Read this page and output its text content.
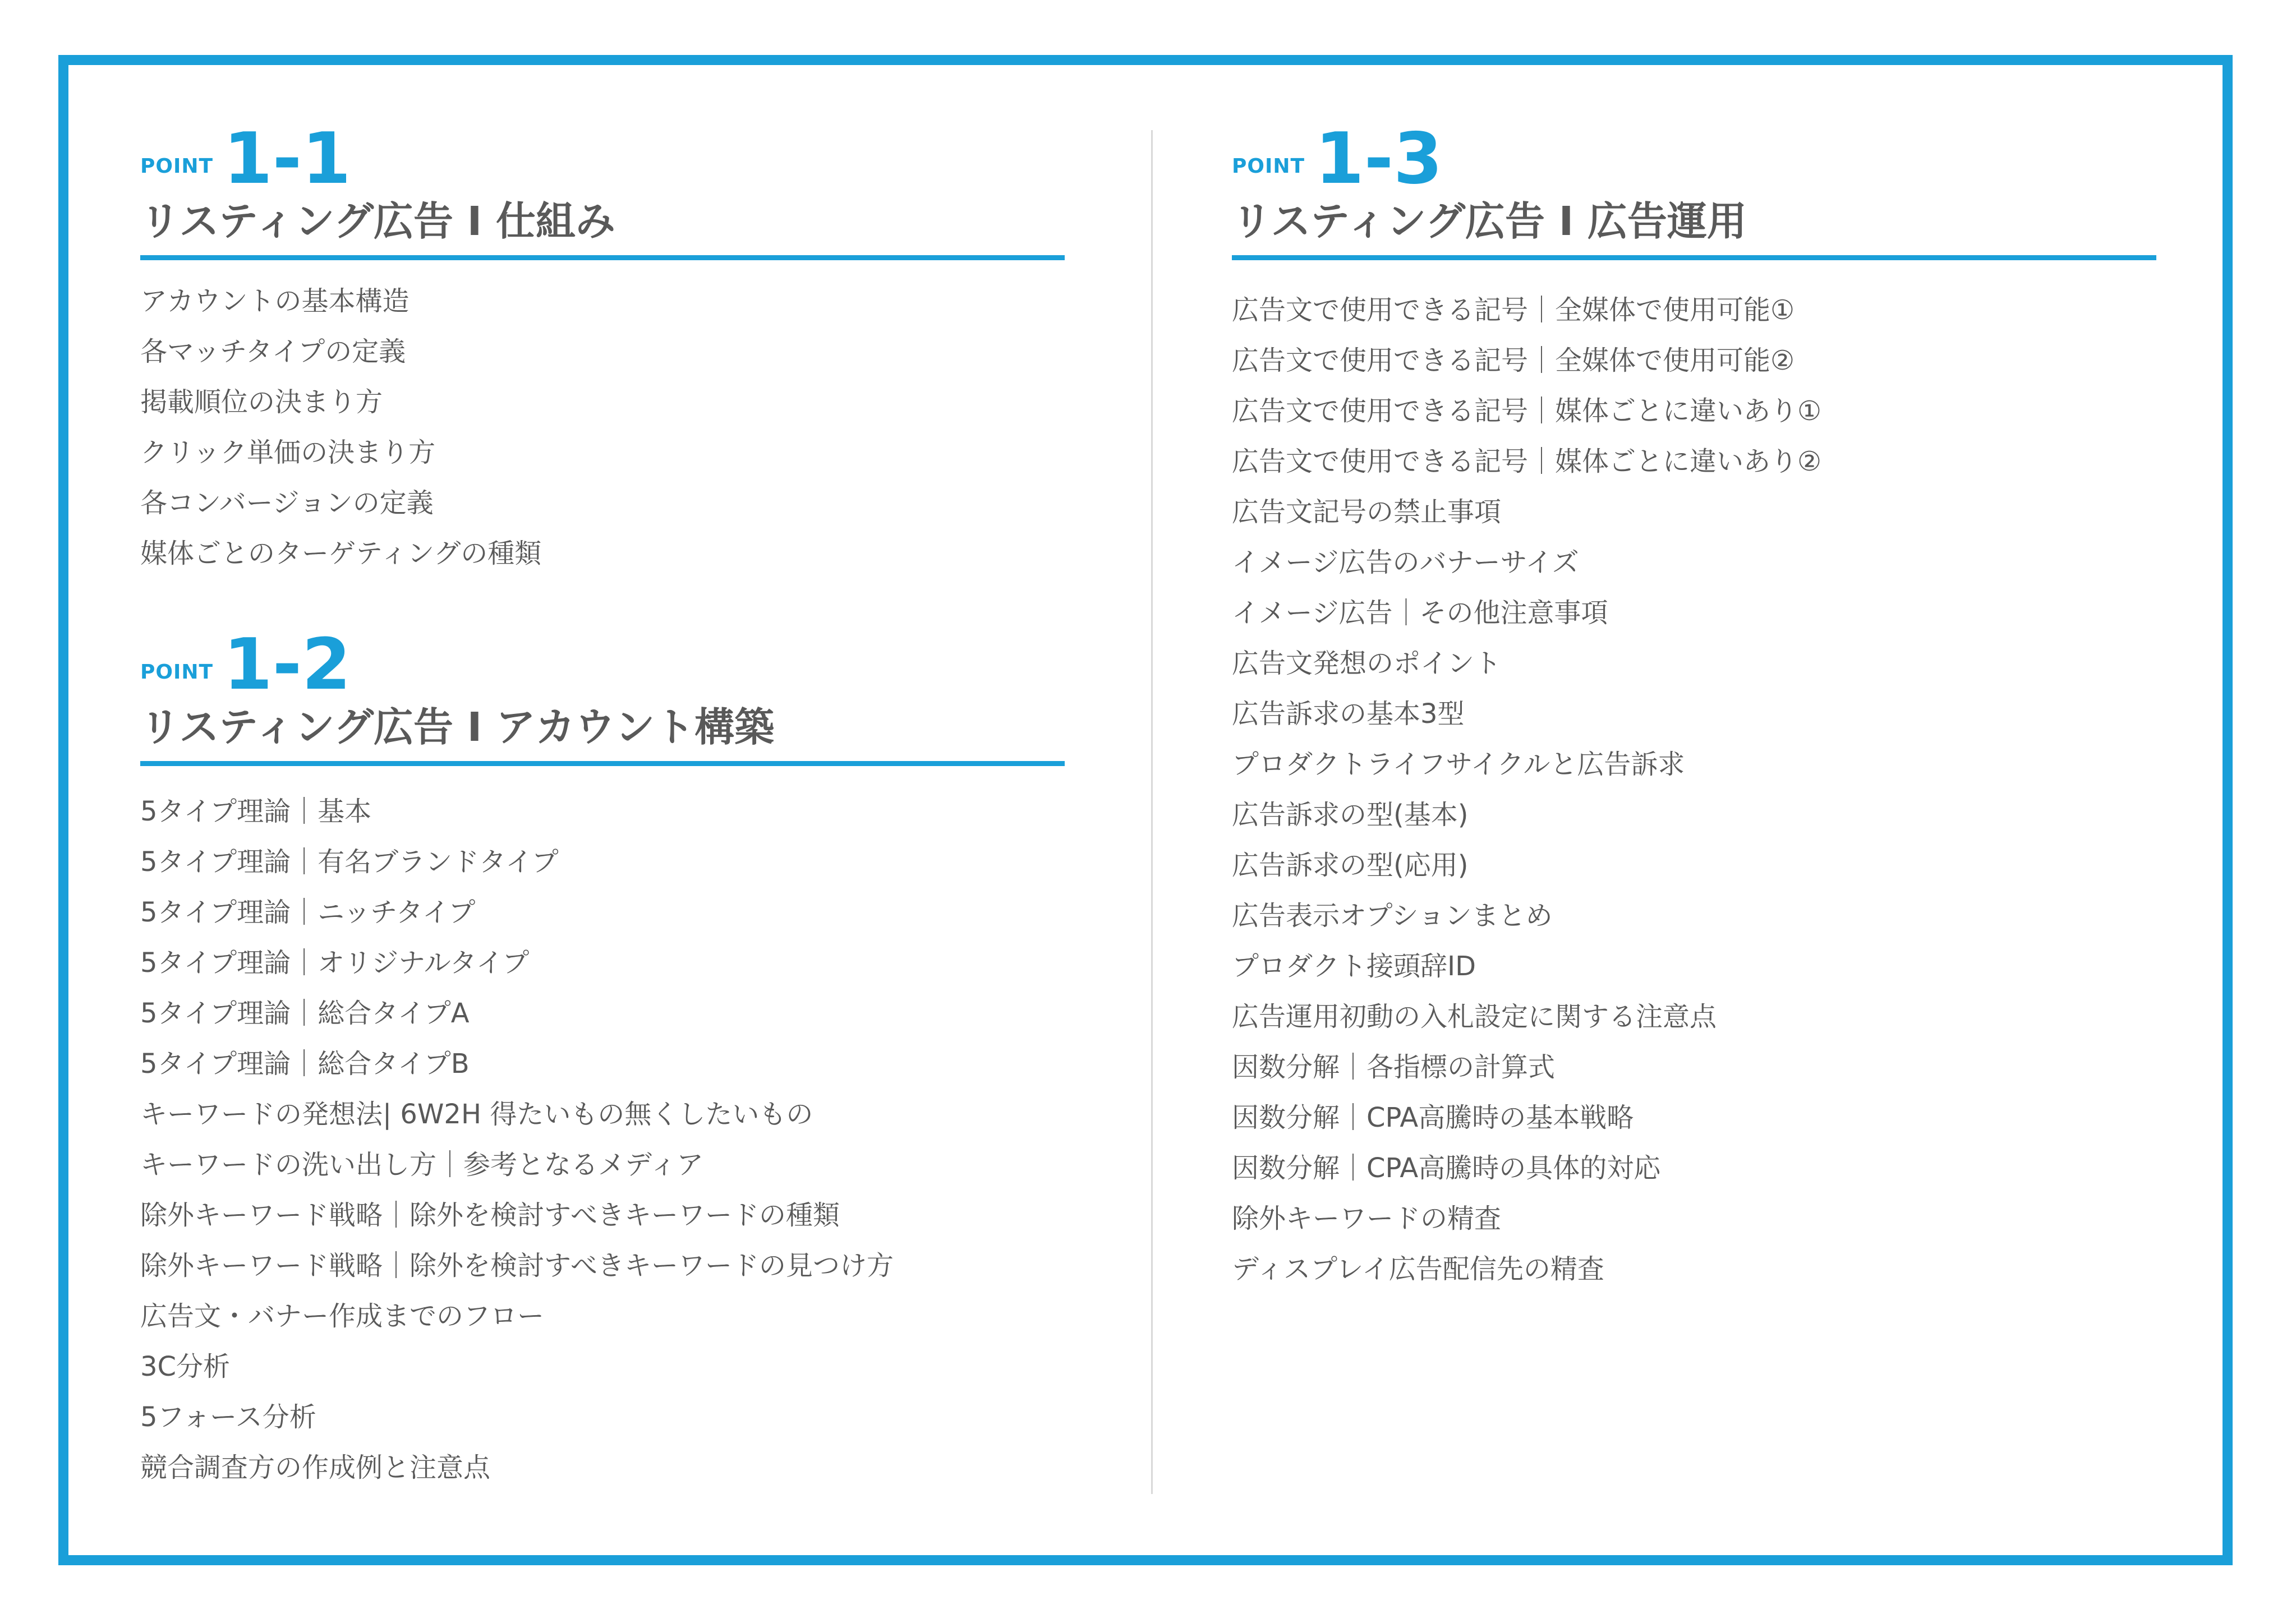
POINT 1-1
リスティング広告 I 仕組み
アカウントの基本構造
各マッチタイプの定義
掲載順位の決まり方
クリック単価の決まり方
各コンバージョンの定義
媒体ごとのターゲティングの種類
POINT 1-2
リスティング広告 I アカウント構築
5タイプ理論｜基本
5タイプ理論｜有名ブランドタイプ
5タイプ理論｜ニッチタイプ
5タイプ理論｜オリジナルタイプ
5タイプ理論｜総合タイプA
5タイプ理論｜総合タイプB
キーワードの発想法| 6W2H 得たいもの無くしたいもの
キーワードの洗い出し方｜参考となるメディア
除外キーワード戦略｜除外を検討すべきキーワードの種類
除外キーワード戦略｜除外を検討すべきキーワードの見つけ方
広告文・バナー作成までのフロー
3C分析
5フォース分析
競合調査方の作成例と注意点
POINT 1-3
リスティング広告 I 広告運用
広告文で使用できる記号｜全媒体で使用可能①
広告文で使用できる記号｜全媒体で使用可能②
広告文で使用できる記号｜媒体ごとに違いあり①
広告文で使用できる記号｜媒体ごとに違いあり②
広告文記号の禁止事項
イメージ広告のバナーサイズ
イメージ広告｜その他注意事項
広告文発想のポイント
広告訴求の基本3型
プロダクトライフサイクルと広告訴求
広告訴求の型(基本)
広告訴求の型(応用)
広告表示オプションまとめ
プロダクト接頭辞ID
広告運用初動の入札設定に関する注意点
因数分解｜各指標の計算式
因数分解｜CPA高騰時の基本戦略
因数分解｜CPA高騰時の具体的対応
除外キーワードの精査
ディスプレイ広告配信先の精査
